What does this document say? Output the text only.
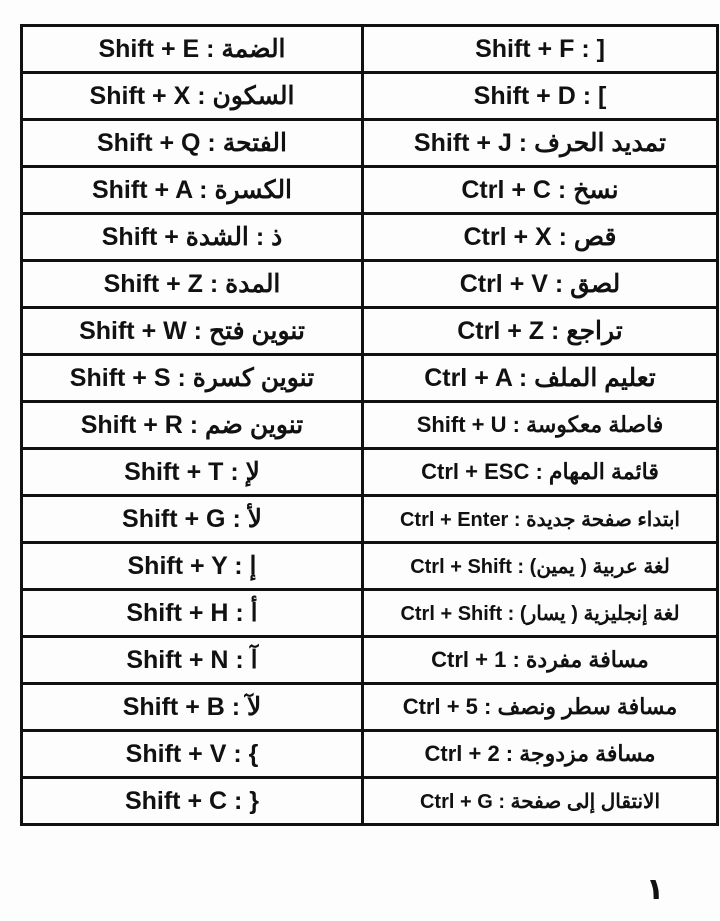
Shift + E : الضمة	Shift + F : ]
Shift + X : السكون	Shift + D : [
Shift + Q : الفتحة	Shift + J : تمديد الحرف
Shift + A : الكسرة	Ctrl + C : نسخ
Shift + ذ : الشدة	Ctrl + X : قص
Shift + Z : المدة	Ctrl + V : لصق
Shift + W : تنوين فتح	Ctrl + Z : تراجع
Shift + S : تنوين كسرة	Ctrl + A : تعليم الملف
Shift + R : تنوين ضم	Shift + U : فاصلة معكوسة
Shift + T : لإ	Ctrl + ESC : قائمة المهام
Shift + G : لأ	Ctrl + Enter : ابتداء صفحة جديدة
Shift + Y : إ	Ctrl + Shift : لغة عربية ( يمين)
Shift + H : أ	Ctrl + Shift : لغة إنجليزية ( يسار)
Shift + N : آ	Ctrl + 1 : مسافة مفردة
Shift + B : لآ	Ctrl + 5 : مسافة سطر ونصف
Shift + V : {	Ctrl + 2 : مسافة مزدوجة
Shift + C : }	Ctrl + G : الانتقال إلى صفحة
١
